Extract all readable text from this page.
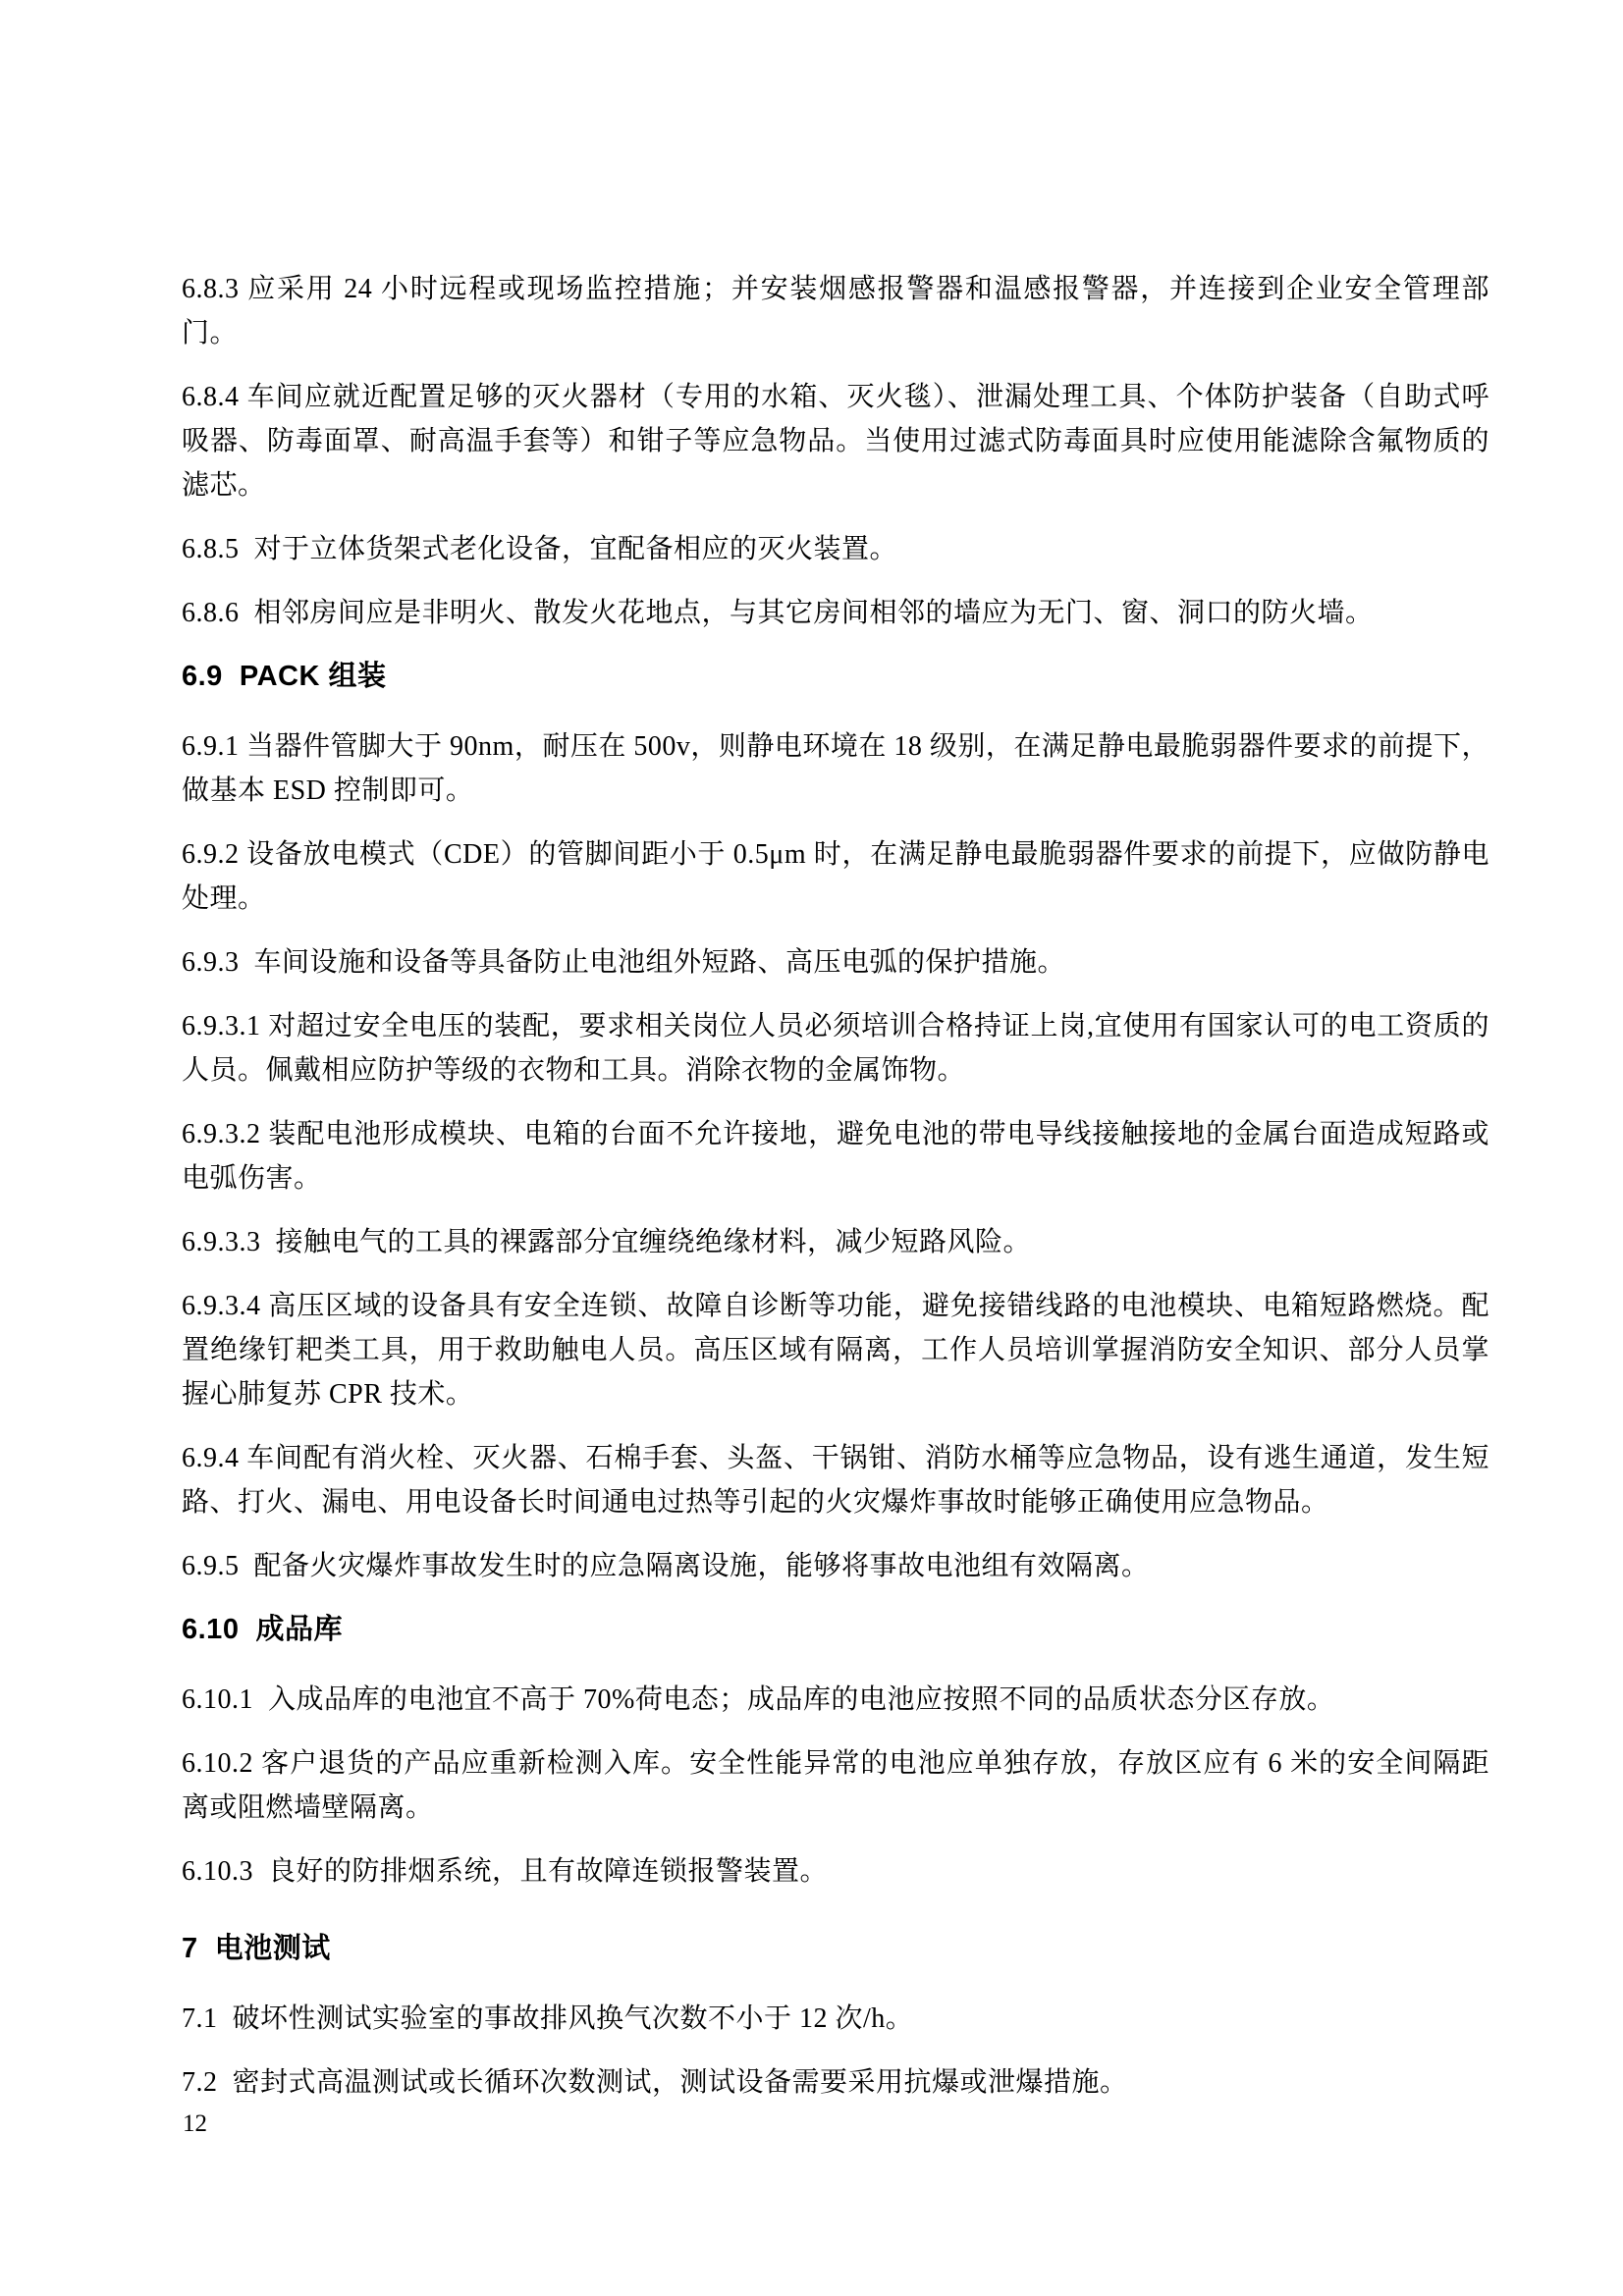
6.8.3 应采用 24 小时远程或现场监控措施；并安装烟感报警器和温感报警器，并连接到企业安全管理部门。

6.8.4 车间应就近配置足够的灭火器材（专用的水箱、灭火毯）、泄漏处理工具、个体防护装备（自助式呼吸器、防毒面罩、耐高温手套等）和钳子等应急物品。当使用过滤式防毒面具时应使用能滤除含氟物质的滤芯。

6.8.5  对于立体货架式老化设备，宜配备相应的灭火装置。

6.8.6  相邻房间应是非明火、散发火花地点，与其它房间相邻的墙应为无门、窗、洞口的防火墙。

6.9  PACK 组装

6.9.1 当器件管脚大于 90nm，耐压在 500v，则静电环境在 18 级别，在满足静电最脆弱器件要求的前提下，做基本 ESD 控制即可。

6.9.2 设备放电模式（CDE）的管脚间距小于 0.5μm 时，在满足静电最脆弱器件要求的前提下，应做防静电处理。

6.9.3  车间设施和设备等具备防止电池组外短路、高压电弧的保护措施。

6.9.3.1 对超过安全电压的装配，要求相关岗位人员必须培训合格持证上岗,宜使用有国家认可的电工资质的人员。佩戴相应防护等级的衣物和工具。消除衣物的金属饰物。

6.9.3.2 装配电池形成模块、电箱的台面不允许接地，避免电池的带电导线接触接地的金属台面造成短路或电弧伤害。

6.9.3.3  接触电气的工具的裸露部分宜缠绕绝缘材料，减少短路风险。

6.9.3.4 高压区域的设备具有安全连锁、故障自诊断等功能，避免接错线路的电池模块、电箱短路燃烧。配置绝缘钉耙类工具，用于救助触电人员。高压区域有隔离，工作人员培训掌握消防安全知识、部分人员掌握心肺复苏 CPR 技术。

6.9.4 车间配有消火栓、灭火器、石棉手套、头盔、干锅钳、消防水桶等应急物品，设有逃生通道，发生短路、打火、漏电、用电设备长时间通电过热等引起的火灾爆炸事故时能够正确使用应急物品。

6.9.5  配备火灾爆炸事故发生时的应急隔离设施，能够将事故电池组有效隔离。

6.10  成品库

6.10.1  入成品库的电池宜不高于 70%荷电态；成品库的电池应按照不同的品质状态分区存放。

6.10.2 客户退货的产品应重新检测入库。安全性能异常的电池应单独存放，存放区应有 6 米的安全间隔距离或阻燃墙壁隔离。

6.10.3  良好的防排烟系统，且有故障连锁报警装置。

7  电池测试

7.1  破坏性测试实验室的事故排风换气次数不小于 12 次/h。

7.2  密封式高温测试或长循环次数测试，测试设备需要采用抗爆或泄爆措施。

12
